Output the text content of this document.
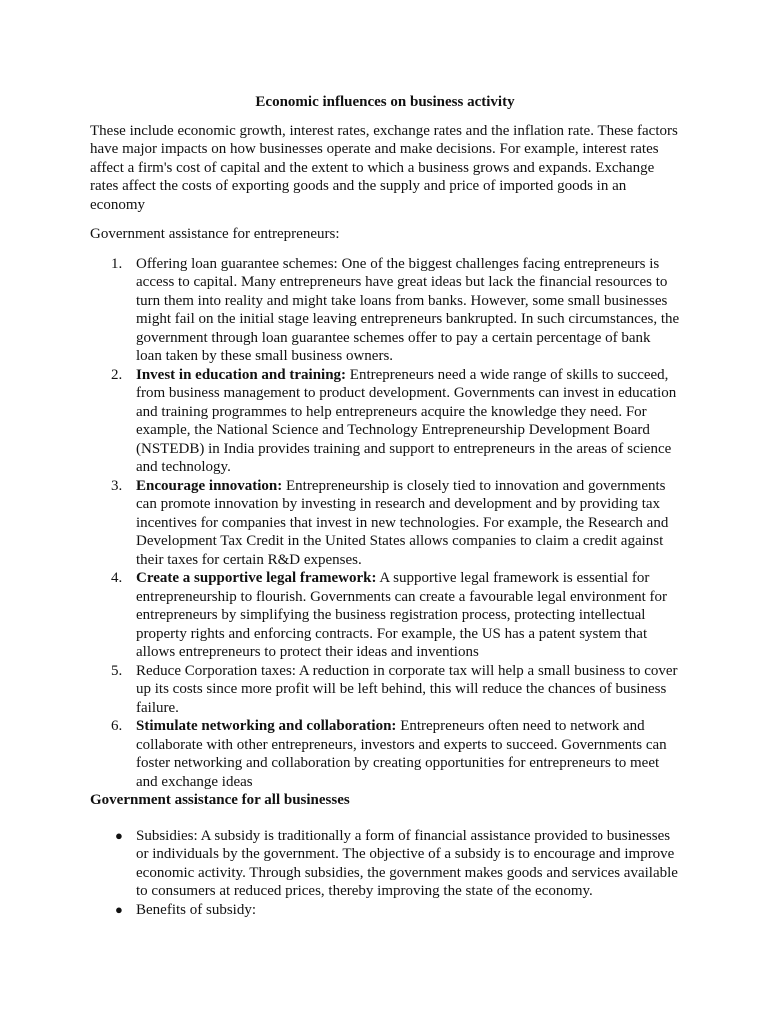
Economic influences on business activity

These include economic growth, interest rates, exchange rates and the inflation rate. These factors have major impacts on how businesses operate and make decisions. For example, interest rates affect a firm's cost of capital and the extent to which a business grows and expands. Exchange rates affect the costs of exporting goods and the supply and price of imported goods in an economy

Government assistance for entrepreneurs:

1. Offering loan guarantee schemes: One of the biggest challenges facing entrepreneurs is access to capital. Many entrepreneurs have great ideas but lack the financial resources to turn them into reality and might take loans from banks. However, some small businesses might fail on the initial stage leaving entrepreneurs bankrupted. In such circumstances, the government through loan guarantee schemes offer to pay a certain percentage of bank loan taken by these small business owners.
2. Invest in education and training: Entrepreneurs need a wide range of skills to succeed, from business management to product development. Governments can invest in education and training programmes to help entrepreneurs acquire the knowledge they need. For example, the National Science and Technology Entrepreneurship Development Board (NSTEDB) in India provides training and support to entrepreneurs in the areas of science and technology.
3. Encourage innovation: Entrepreneurship is closely tied to innovation and governments can promote innovation by investing in research and development and by providing tax incentives for companies that invest in new technologies. For example, the Research and Development Tax Credit in the United States allows companies to claim a credit against their taxes for certain R&D expenses.
4. Create a supportive legal framework: A supportive legal framework is essential for entrepreneurship to flourish. Governments can create a favourable legal environment for entrepreneurs by simplifying the business registration process, protecting intellectual property rights and enforcing contracts. For example, the US has a patent system that allows entrepreneurs to protect their ideas and inventions
5. Reduce Corporation taxes: A reduction in corporate tax will help a small business to cover up its costs since more profit will be left behind, this will reduce the chances of business failure.
6. Stimulate networking and collaboration: Entrepreneurs often need to network and collaborate with other entrepreneurs, investors and experts to succeed. Governments can foster networking and collaboration by creating opportunities for entrepreneurs to meet and exchange ideas

Government assistance for all businesses

● Subsidies: A subsidy is traditionally a form of financial assistance provided to businesses or individuals by the government. The objective of a subsidy is to encourage and improve economic activity. Through subsidies, the government makes goods and services available to consumers at reduced prices, thereby improving the state of the economy.
● Benefits of subsidy:
